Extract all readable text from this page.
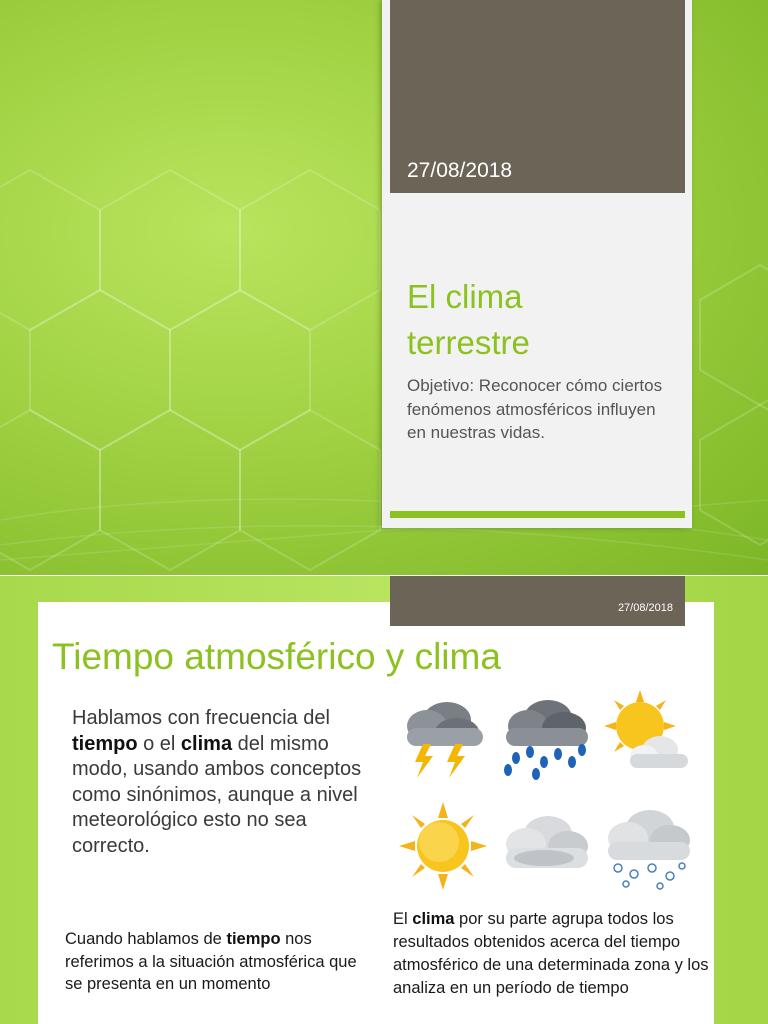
27/08/2018
El clima
terrestre
Objetivo: Reconocer cómo ciertos fenómenos atmosféricos influyen en nuestras vidas.
27/08/2018
Tiempo atmosférico y clima
Hablamos con frecuencia del tiempo o el clima del mismo modo, usando ambos conceptos como sinónimos, aunque a nivel meteorológico esto no sea correcto.
Cuando hablamos de tiempo nos referimos a la situación atmosférica que se presenta en un momento
El clima por su parte agrupa todos los resultados obtenidos acerca del tiempo atmosférico de una determinada zona y los analiza en un período de tiempo
